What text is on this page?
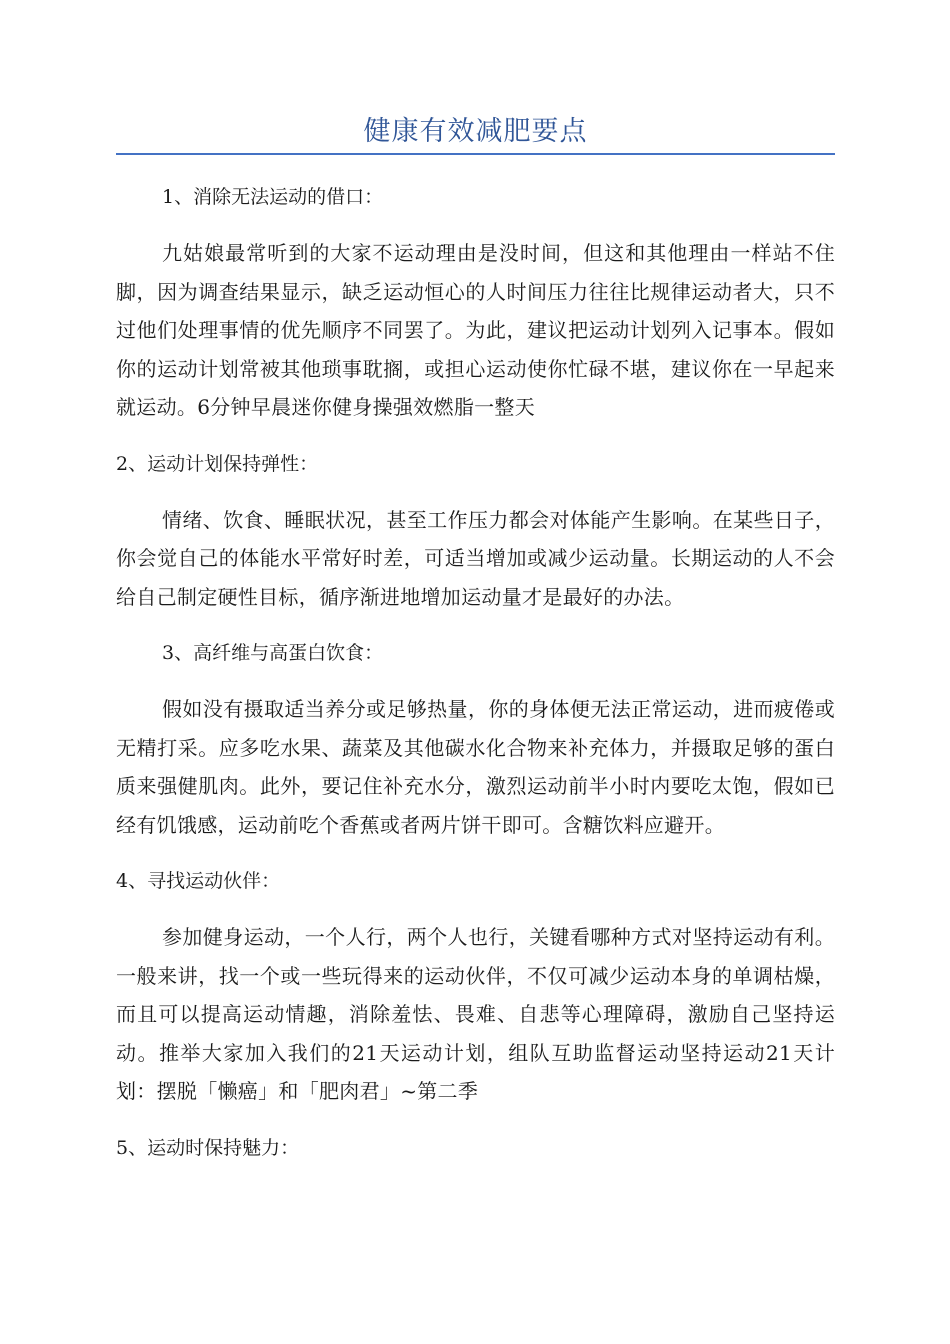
健康有效减肥要点
1、消除无法运动的借口：

九姑娘最常听到的大家不运动理由是没时间，但这和其他理由一样站不住脚，因为调查结果显示，缺乏运动恒心的人时间压力往往比规律运动者大，只不过他们处理事情的优先顺序不同罢了。为此，建议把运动计划列入记事本。假如你的运动计划常被其他琐事耽搁，或担心运动使你忙碌不堪，建议你在一早起来就运动。6分钟早晨迷你健身操强效燃脂一整天

2、运动计划保持弹性：

情绪、饮食、睡眠状况，甚至工作压力都会对体能产生影响。在某些日子，你会觉自己的体能水平常好时差，可适当增加或减少运动量。长期运动的人不会给自己制定硬性目标，循序渐进地增加运动量才是最好的办法。

3、高纤维与高蛋白饮食：

假如没有摄取适当养分或足够热量，你的身体便无法正常运动，进而疲倦或无精打采。应多吃水果、蔬菜及其他碳水化合物来补充体力，并摄取足够的蛋白质来强健肌肉。此外，要记住补充水分，激烈运动前半小时内要吃太饱，假如已经有饥饿感，运动前吃个香蕉或者两片饼干即可。含糖饮料应避开。

4、寻找运动伙伴：

参加健身运动，一个人行，两个人也行，关键看哪种方式对坚持运动有利。一般来讲，找一个或一些玩得来的运动伙伴，不仅可减少运动本身的单调枯燥，而且可以提高运动情趣，消除羞怯、畏难、自悲等心理障碍，激励自己坚持运动。推举大家加入我们的21天运动计划，组队互助监督运动坚持运动21天计划：摆脱「懒癌」和「肥肉君」~第二季

5、运动时保持魅力：
